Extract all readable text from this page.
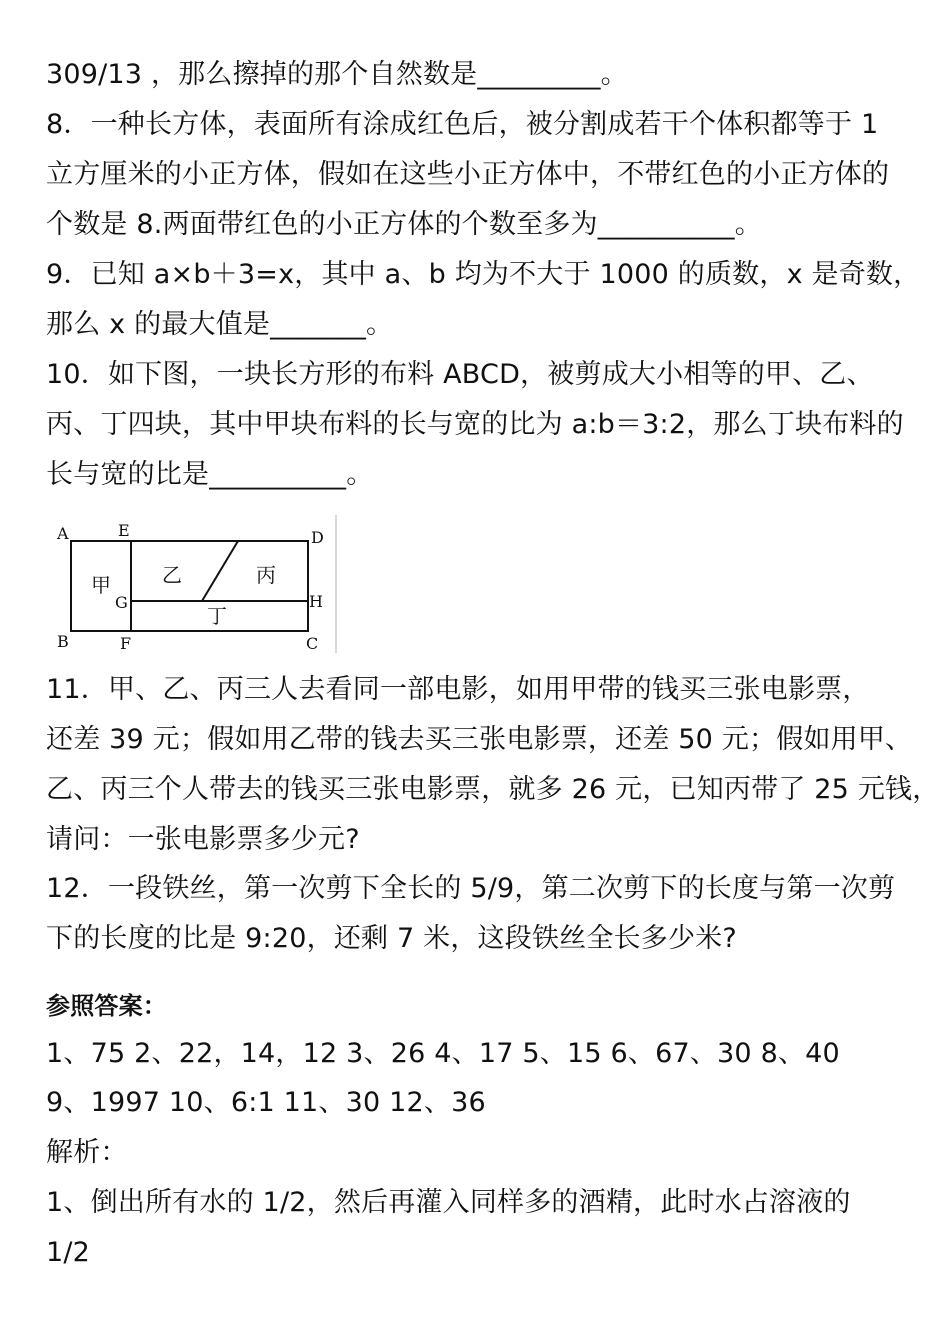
309/13 ，那么擦掉的那个自然数是_________。
8．一种长方体，表面所有涂成红色后，被分割成若干个体积都等于 1
立方厘米的小正方体，假如在这些小正方体中，不带红色的小正方体的
个数是 8.两面带红色的小正方体的个数至多为__________。
9．已知 a×b＋3=x，其中 a、b 均为不大于 1000 的质数，x 是奇数，
那么 x 的最大值是_______。
10．如下图，一块长方形的布料 ABCD，被剪成大小相等的甲、乙、
丙、丁四块，其中甲块布料的长与宽的比为 a:b＝3:2，那么丁块布料的
长与宽的比是__________。
A	E	D
B	F	C
G	H
甲	乙	丙
丁
11．甲、乙、丙三人去看同一部电影，如用甲带的钱买三张电影票，
还差 39 元；假如用乙带的钱去买三张电影票，还差 50 元；假如用甲、
乙、丙三个人带去的钱买三张电影票，就多 26 元，已知丙带了 25 元钱，
请问：一张电影票多少元?
12．一段铁丝，第一次剪下全长的 5/9，第二次剪下的长度与第一次剪
下的长度的比是 9:20，还剩 7 米，这段铁丝全长多少米?
参照答案：
1、75 2、22，14，12 3、26 4、17 5、15 6、67、30 8、40
9、1997 10、6:1 11、30 12、36
解析：
1、倒出所有水的 1/2，然后再灌入同样多的酒精，此时水占溶液的
1/2
